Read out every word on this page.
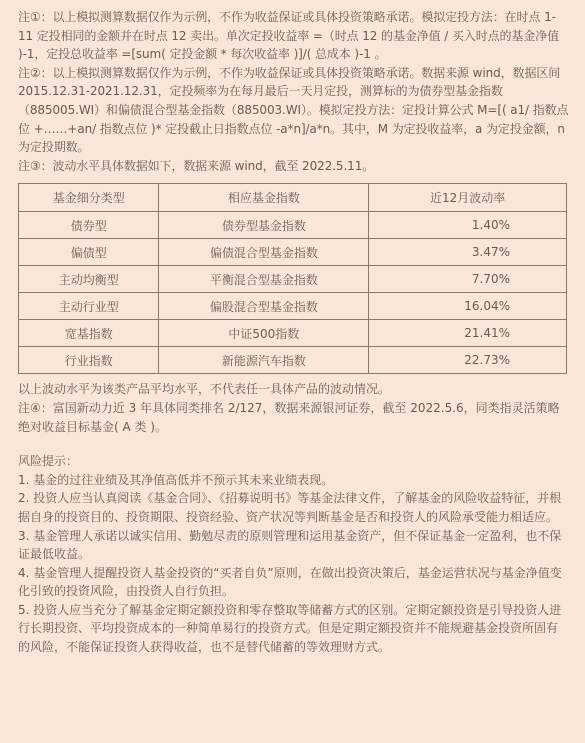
注①：以上模拟测算数据仅作为示例，不作为收益保证或具体投资策略承诺。模拟定投方法：在时点 1-11 定投相同的金额并在时点 12 卖出。单次定投收益率 =（时点 12 的基金净值 / 买入时点的基金净值 )-1，定投总收益率 =[sum( 定投金额 * 每次收益率 )]/( 总成本 )-1 。

注②：以上模拟测算数据仅作为示例，不作为收益保证或具体投资策略承诺。数据来源 wind，数据区间 2015.12.31-2021.12.31，定投频率为在每月最后一天月定投，测算标的为债券型基金指数（885005.WI）和偏债混合型基金指数（885003.WI）。模拟定投方法：定投计算公式 M=[( a1/ 指数点位 +……+an/ 指数点位 )* 定投截止日指数点位 -a*n]/a*n。其中，M 为定投收益率，a 为定投金额，n 为定投期数。

注③：波动水平具体数据如下，数据来源 wind，截至 2022.5.11。

基金细分类型	相应基金指数	近12月波动率
债券型	债券型基金指数	1.40%
偏债型	偏债混合型基金指数	3.47%
主动均衡型	平衡混合型基金指数	7.70%
主动行业型	偏股混合型基金指数	16.04%
宽基指数	中证500指数	21.41%
行业指数	新能源汽车指数	22.73%
以上波动水平为该类产品平均水平，不代表任一具体产品的波动情况。
注④：富国新动力近 3 年具体同类排名 2/127，数据来源银河证券，截至 2022.5.6，同类指灵活策略绝对收益目标基金( A 类 )。

风险提示：

1. 基金的过往业绩及其净值高低并不预示其未来业绩表现。

2. 投资人应当认真阅读《基金合同》、《招募说明书》等基金法律文件，了解基金的风险收益特征，并根据自身的投资目的、投资期限、投资经验、资产状况等判断基金是否和投资人的风险承受能力相适应。

3. 基金管理人承诺以诚实信用、勤勉尽责的原则管理和运用基金资产，但不保证基金一定盈利，也不保证最低收益。

4. 基金管理人提醒投资人基金投资的“买者自负”原则，在做出投资决策后，基金运营状况与基金净值变化引致的投资风险，由投资人自行负担。

5. 投资人应当充分了解基金定期定额投资和零存整取等储蓄方式的区别。定期定额投资是引导投资人进行长期投资、平均投资成本的一种简单易行的投资方式。但是定期定额投资并不能规避基金投资所固有的风险，不能保证投资人获得收益，也不是替代储蓄的等效理财方式。
